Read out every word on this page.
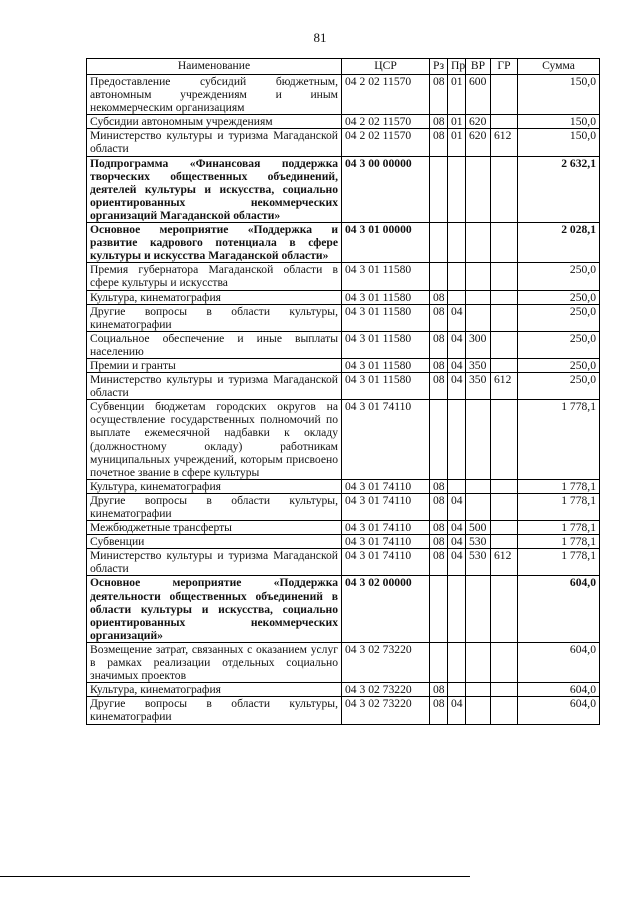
81
Наименование	ЦСР	Рз	Пр	ВР	ГР	Сумма
Предоставление субсидий бюджетным, автономным учреждениям и иным некоммерческим организациям	04 2 02 11570	08	01	600		150,0
Субсидии автономным учреждениям	04 2 02 11570	08	01	620		150,0
Министерство культуры и туризма Магаданской области	04 2 02 11570	08	01	620	612	150,0
Подпрограмма «Финансовая поддержка творческих общественных объединений, деятелей культуры и искусства, социально ориентированных некоммерческих организаций Магаданской области»	04 3 00 00000					2 632,1
Основное мероприятие «Поддержка и развитие кадрового потенциала в сфере культуры и искусства Магаданской области»	04 3 01 00000					2 028,1
Премия губернатора Магаданской области в сфере культуры и искусства	04 3 01 11580					250,0
Культура, кинематография	04 3 01 11580	08				250,0
Другие вопросы в области культуры, кинематографии	04 3 01 11580	08	04			250,0
Социальное обеспечение и иные выплаты населению	04 3 01 11580	08	04	300		250,0
Премии и гранты	04 3 01 11580	08	04	350		250,0
Министерство культуры и туризма Магаданской области	04 3 01 11580	08	04	350	612	250,0
Субвенции бюджетам городских округов на осуществление государственных полномочий по выплате ежемесячной надбавки к окладу (должностному окладу) работникам муниципальных учреждений, которым присвоено почетное звание в сфере культуры	04 3 01 74110					1 778,1
Культура, кинематография	04 3 01 74110	08				1 778,1
Другие вопросы в области культуры, кинематографии	04 3 01 74110	08	04			1 778,1
Межбюджетные трансферты	04 3 01 74110	08	04	500		1 778,1
Субвенции	04 3 01 74110	08	04	530		1 778,1
Министерство культуры и туризма Магаданской области	04 3 01 74110	08	04	530	612	1 778,1
Основное мероприятие «Поддержка деятельности общественных объединений в области культуры и искусства, социально ориентированных некоммерческих организаций»	04 3 02 00000					604,0
Возмещение затрат, связанных с оказанием услуг в рамках реализации отдельных социально значимых проектов	04 3 02 73220					604,0
Культура, кинематография	04 3 02 73220	08				604,0
Другие вопросы в области культуры, кинематографии	04 3 02 73220	08	04			604,0
